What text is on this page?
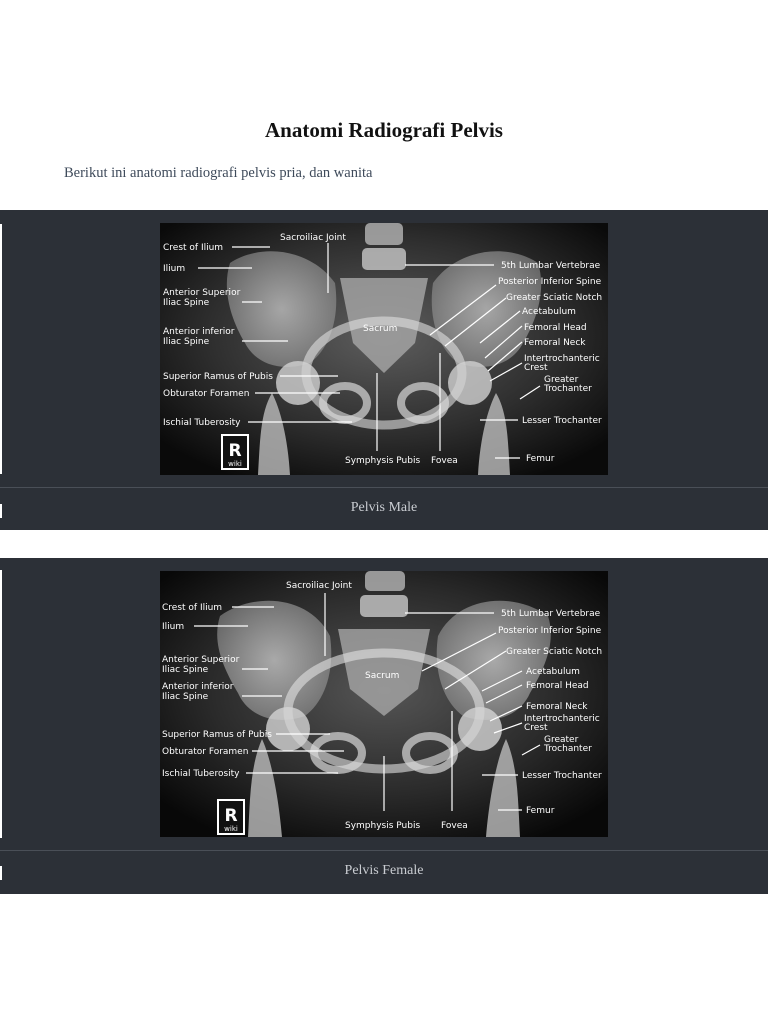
Anatomi Radiografi Pelvis
Berikut ini anatomi radiografi pelvis pria, dan wanita
R
wiki
Crest of Ilium
Ilium
Anterior Superior
Iliac Spine
Anterior inferior
Iliac Spine
Superior Ramus of Pubis
Obturator Foramen
Ischial Tuberosity
Sacroiliac Joint
Sacrum
Symphysis Pubis Fovea
5th Lumbar Vertebrae
Posterior Inferior Spine
Greater Sciatic Notch
Acetabulum
Femoral Head
Femoral Neck
Intertrochanteric
Crest
Greater
Trochanter
Lesser Trochanter
Femur
Pelvis Male
R
wiki
Crest of Ilium
Ilium
Anterior Superior
Iliac Spine
Anterior inferior
Iliac Spine
Superior Ramus of Pubis
Obturator Foramen
Ischial Tuberosity
Sacroiliac Joint
Sacrum
Symphysis Pubis Fovea
5th Lumbar Vertebrae
Posterior Inferior Spine
Greater Sciatic Notch
Acetabulum
Femoral Head
Femoral Neck
Intertrochanteric
Crest
Greater
Trochanter
Lesser Trochanter
Femur
Pelvis Female
